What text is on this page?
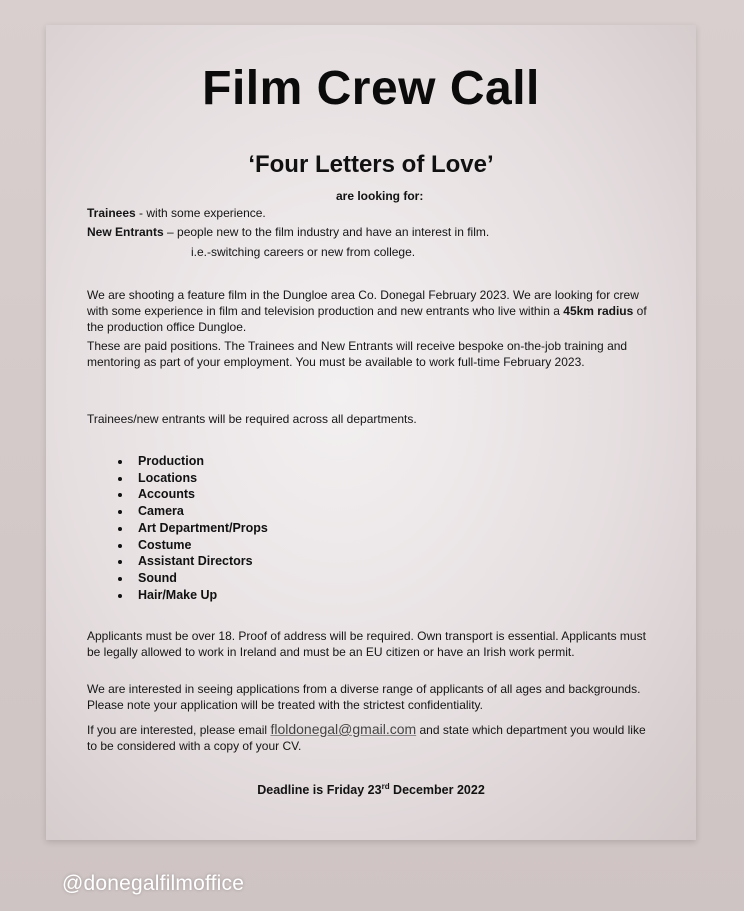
Film Crew Call
‘Four Letters of Love’
are looking for:
Trainees - with some experience.
New Entrants – people new to the film industry and have an interest in film.
i.e.-switching careers or new from college.
We are shooting a feature film in the Dungloe area Co. Donegal February 2023. We are looking for crew with some experience in film and television production and new entrants who live within a 45km radius of the production office Dungloe.
These are paid positions. The Trainees and New Entrants will receive bespoke on-the-job training and mentoring as part of your employment. You must be available to work full-time February 2023.
Trainees/new entrants will be required across all departments.
• Production
• Locations
• Accounts
• Camera
• Art Department/Props
• Costume
• Assistant Directors
• Sound
• Hair/Make Up
Applicants must be over 18. Proof of address will be required. Own transport is essential. Applicants must be legally allowed to work in Ireland and must be an EU citizen or have an Irish work permit.
We are interested in seeing applications from a diverse range of applicants of all ages and backgrounds. Please note your application will be treated with the strictest confidentiality.
If you are interested, please email floldonegal@gmail.com and state which department you would like to be considered with a copy of your CV.
Deadline is Friday 23rd December 2022
@donegalfilmoffice
